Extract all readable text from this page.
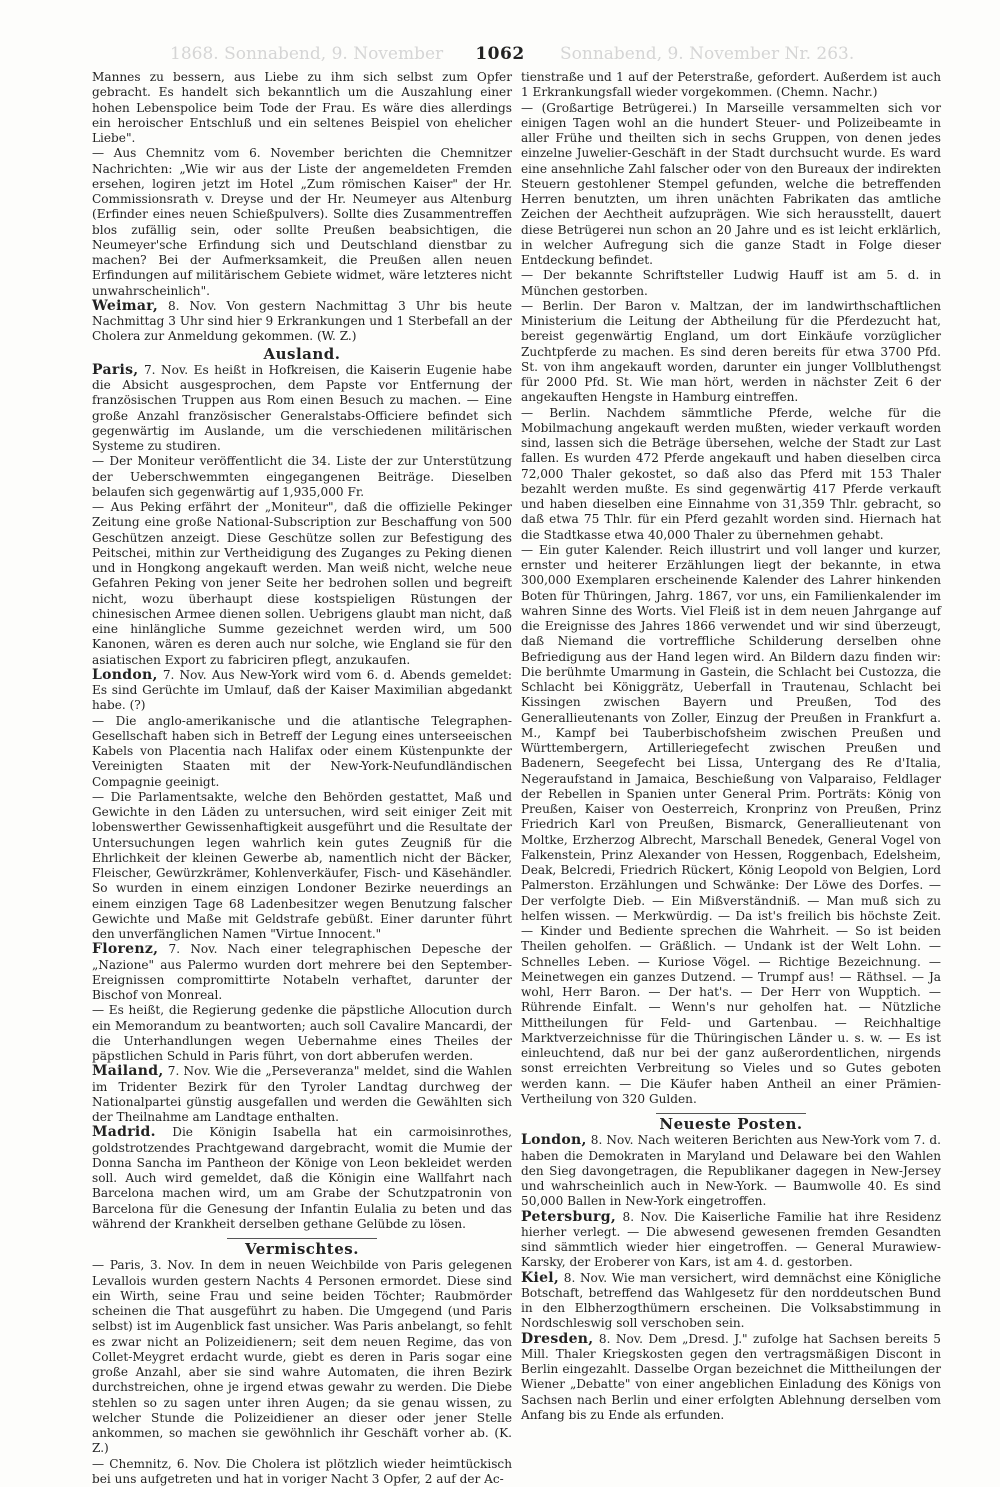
1868. Sonnabend, 9. November	1062	Sonnabend, 9. November Nr. 263.

Mannes zu bessern, aus Liebe zu ihm sich selbst zum Opfer gebracht. Es handelt sich bekanntlich um die Auszahlung einer hohen Lebenspolice beim Tode der Frau. Es wäre dies allerdings ein heroischer Entschluß und ein seltenes Beispiel von ehelicher Liebe".

— Aus Chemnitz vom 6. November berichten die Chemnitzer Nachrichten: „Wie wir aus der Liste der angemeldeten Fremden ersehen, logiren jetzt im Hotel „Zum römischen Kaiser" der Hr. Commissionsrath v. Dreyse und der Hr. Neumeyer aus Altenburg (Erfinder eines neuen Schießpulvers). Sollte dies Zusammentreffen blos zufällig sein, oder sollte Preußen beabsichtigen, die Neumeyer'sche Erfindung sich und Deutschland dienstbar zu machen? Bei der Aufmerksamkeit, die Preußen allen neuen Erfindungen auf militärischem Gebiete widmet, wäre letzteres nicht unwahrscheinlich".

Weimar, 8. Nov. Von gestern Nachmittag 3 Uhr bis heute Nachmittag 3 Uhr sind hier 9 Erkrankungen und 1 Sterbefall an der Cholera zur Anmeldung gekommen. (W. Z.)

Ausland.

Paris, 7. Nov. Es heißt in Hofkreisen, die Kaiserin Eugenie habe die Absicht ausgesprochen, dem Papste vor Entfernung der französischen Truppen aus Rom einen Besuch zu machen. — Eine große Anzahl französischer Generalstabs-Officiere befindet sich gegenwärtig im Auslande, um die verschiedenen militärischen Systeme zu studiren.

— Der Moniteur veröffentlicht die 34. Liste der zur Unterstützung der Ueberschwemmten eingegangenen Beiträge. Dieselben belaufen sich gegenwärtig auf 1,935,000 Fr.

— Aus Peking erfährt der „Moniteur", daß die offizielle Pekinger Zeitung eine große National-Subscription zur Beschaffung von 500 Geschützen anzeigt. Diese Geschütze sollen zur Befestigung des Peitschei, mithin zur Vertheidigung des Zuganges zu Peking dienen und in Hongkong angekauft werden. Man weiß nicht, welche neue Gefahren Peking von jener Seite her bedrohen sollen und begreift nicht, wozu überhaupt diese kostspieligen Rüstungen der chinesischen Armee dienen sollen. Uebrigens glaubt man nicht, daß eine hinlängliche Summe gezeichnet werden wird, um 500 Kanonen, wären es deren auch nur solche, wie England sie für den asiatischen Export zu fabriciren pflegt, anzukaufen.

London, 7. Nov. Aus New-York wird vom 6. d. Abends gemeldet: Es sind Gerüchte im Umlauf, daß der Kaiser Maximilian abgedankt habe. (?)

— Die anglo-amerikanische und die atlantische Telegraphen-Gesellschaft haben sich in Betreff der Legung eines unterseeischen Kabels von Placentia nach Halifax oder einem Küstenpunkte der Vereinigten Staaten mit der New-York-Neufundländischen Compagnie geeinigt.

— Die Parlamentsakte, welche den Behörden gestattet, Maß und Gewichte in den Läden zu untersuchen, wird seit einiger Zeit mit lobenswerther Gewissenhaftigkeit ausgeführt und die Resultate der Untersuchungen legen wahrlich kein gutes Zeugniß für die Ehrlichkeit der kleinen Gewerbe ab, namentlich nicht der Bäcker, Fleischer, Gewürzkrämer, Kohlenverkäufer, Fisch- und Käsehändler. So wurden in einem einzigen Londoner Bezirke neuerdings an einem einzigen Tage 68 Ladenbesitzer wegen Benutzung falscher Gewichte und Maße mit Geldstrafe gebüßt. Einer darunter führt den unverfänglichen Namen "Virtue Innocent."

Florenz, 7. Nov. Nach einer telegraphischen Depesche der „Nazione" aus Palermo wurden dort mehrere bei den September-Ereignissen compromittirte Notabeln verhaftet, darunter der Bischof von Monreal.

— Es heißt, die Regierung gedenke die päpstliche Allocution durch ein Memorandum zu beantworten; auch soll Cavalire Mancardi, der die Unterhandlungen wegen Uebernahme eines Theiles der päpstlichen Schuld in Paris führt, von dort abberufen werden.

Mailand, 7. Nov. Wie die „Perseveranza" meldet, sind die Wahlen im Tridenter Bezirk für den Tyroler Landtag durchweg der Nationalpartei günstig ausgefallen und werden die Gewählten sich der Theilnahme am Landtage enthalten.

Madrid. Die Königin Isabella hat ein carmoisinrothes, goldstrotzendes Prachtgewand dargebracht, womit die Mumie der Donna Sancha im Pantheon der Könige von Leon bekleidet werden soll. Auch wird gemeldet, daß die Königin eine Wallfahrt nach Barcelona machen wird, um am Grabe der Schutzpatronin von Barcelona für die Genesung der Infantin Eulalia zu beten und das während der Krankheit derselben gethane Gelübde zu lösen.

Vermischtes.

— Paris, 3. Nov. In dem in neuen Weichbilde von Paris gelegenen Levallois wurden gestern Nachts 4 Personen ermordet. Diese sind ein Wirth, seine Frau und seine beiden Töchter; Raubmörder scheinen die That ausgeführt zu haben. Die Umgegend (und Paris selbst) ist im Augenblick fast unsicher. Was Paris anbelangt, so fehlt es zwar nicht an Polizeidienern; seit dem neuen Regime, das von Collet-Meygret erdacht wurde, giebt es deren in Paris sogar eine große Anzahl, aber sie sind wahre Automaten, die ihren Bezirk durchstreichen, ohne je irgend etwas gewahr zu werden. Die Diebe stehlen so zu sagen unter ihren Augen; da sie genau wissen, zu welcher Stunde die Polizeidiener an dieser oder jener Stelle ankommen, so machen sie gewöhnlich ihr Geschäft vorher ab. (K. Z.)

— Chemnitz, 6. Nov. Die Cholera ist plötzlich wieder heimtückisch bei uns aufgetreten und hat in voriger Nacht 3 Opfer, 2 auf der Ac-

tienstraße und 1 auf der Peterstraße, gefordert. Außerdem ist auch 1 Erkrankungsfall wieder vorgekommen. (Chemn. Nachr.)

— (Großartige Betrügerei.) In Marseille versammelten sich vor einigen Tagen wohl an die hundert Steuer- und Polizeibeamte in aller Frühe und theilten sich in sechs Gruppen, von denen jedes einzelne Juwelier-Geschäft in der Stadt durchsucht wurde. Es ward eine ansehnliche Zahl falscher oder von den Bureaux der indirekten Steuern gestohlener Stempel gefunden, welche die betreffenden Herren benutzten, um ihren unächten Fabrikaten das amtliche Zeichen der Aechtheit aufzuprägen. Wie sich herausstellt, dauert diese Betrügerei nun schon an 20 Jahre und es ist leicht erklärlich, in welcher Aufregung sich die ganze Stadt in Folge dieser Entdeckung befindet.

— Der bekannte Schriftsteller Ludwig Hauff ist am 5. d. in München gestorben.

— Berlin. Der Baron v. Maltzan, der im landwirthschaftlichen Ministerium die Leitung der Abtheilung für die Pferdezucht hat, bereist gegenwärtig England, um dort Einkäufe vorzüglicher Zuchtpferde zu machen. Es sind deren bereits für etwa 3700 Pfd. St. von ihm angekauft worden, darunter ein junger Vollbluthengst für 2000 Pfd. St. Wie man hört, werden in nächster Zeit 6 der angekauften Hengste in Hamburg eintreffen.

— Berlin. Nachdem sämmtliche Pferde, welche für die Mobilmachung angekauft werden mußten, wieder verkauft worden sind, lassen sich die Beträge übersehen, welche der Stadt zur Last fallen. Es wurden 472 Pferde angekauft und haben dieselben circa 72,000 Thaler gekostet, so daß also das Pferd mit 153 Thaler bezahlt werden mußte. Es sind gegenwärtig 417 Pferde verkauft und haben dieselben eine Einnahme von 31,359 Thlr. gebracht, so daß etwa 75 Thlr. für ein Pferd gezahlt worden sind. Hiernach hat die Stadtkasse etwa 40,000 Thaler zu übernehmen gehabt.

— Ein guter Kalender. Reich illustrirt und voll langer und kurzer, ernster und heiterer Erzählungen liegt der bekannte, in etwa 300,000 Exemplaren erscheinende Kalender des Lahrer hinkenden Boten für Thüringen, Jahrg. 1867, vor uns, ein Familienkalender im wahren Sinne des Worts. Viel Fleiß ist in dem neuen Jahrgange auf die Ereignisse des Jahres 1866 verwendet und wir sind überzeugt, daß Niemand die vortreffliche Schilderung derselben ohne Befriedigung aus der Hand legen wird. An Bildern dazu finden wir: Die berühmte Umarmung in Gastein, die Schlacht bei Custozza, die Schlacht bei Königgrätz, Ueberfall in Trautenau, Schlacht bei Kissingen zwischen Bayern und Preußen, Tod des Generallieutenants von Zoller, Einzug der Preußen in Frankfurt a. M., Kampf bei Tauberbischofsheim zwischen Preußen und Württembergern, Artilleriegefecht zwischen Preußen und Badenern, Seegefecht bei Lissa, Untergang des Re d'Italia, Negeraufstand in Jamaica, Beschießung von Valparaiso, Feldlager der Rebellen in Spanien unter General Prim. Porträts: König von Preußen, Kaiser von Oesterreich, Kronprinz von Preußen, Prinz Friedrich Karl von Preußen, Bismarck, Generallieutenant von Moltke, Erzherzog Albrecht, Marschall Benedek, General Vogel von Falkenstein, Prinz Alexander von Hessen, Roggenbach, Edelsheim, Deak, Belcredi, Friedrich Rückert, König Leopold von Belgien, Lord Palmerston. Erzählungen und Schwänke: Der Löwe des Dorfes. — Der verfolgte Dieb. — Ein Mißverständniß. — Man muß sich zu helfen wissen. — Merkwürdig. — Da ist's freilich bis höchste Zeit. — Kinder und Bediente sprechen die Wahrheit. — So ist beiden Theilen geholfen. — Gräßlich. — Undank ist der Welt Lohn. — Schnelles Leben. — Kuriose Vögel. — Richtige Bezeichnung. — Meinetwegen ein ganzes Dutzend. — Trumpf aus! — Räthsel. — Ja wohl, Herr Baron. — Der hat's. — Der Herr von Wupptich. — Rührende Einfalt. — Wenn's nur geholfen hat. — Nützliche Mittheilungen für Feld- und Gartenbau. — Reichhaltige Marktverzeichnisse für die Thüringischen Länder u. s. w. — Es ist einleuchtend, daß nur bei der ganz außerordentlichen, nirgends sonst erreichten Verbreitung so Vieles und so Gutes geboten werden kann. — Die Käufer haben Antheil an einer Prämien-Vertheilung von 320 Gulden.

Neueste Posten.

London, 8. Nov. Nach weiteren Berichten aus New-York vom 7. d. haben die Demokraten in Maryland und Delaware bei den Wahlen den Sieg davongetragen, die Republikaner dagegen in New-Jersey und wahrscheinlich auch in New-York. — Baumwolle 40. Es sind 50,000 Ballen in New-York eingetroffen.

Petersburg, 8. Nov. Die Kaiserliche Familie hat ihre Residenz hierher verlegt. — Die abwesend gewesenen fremden Gesandten sind sämmtlich wieder hier eingetroffen. — General Murawiew-Karsky, der Eroberer von Kars, ist am 4. d. gestorben.

Kiel, 8. Nov. Wie man versichert, wird demnächst eine Königliche Botschaft, betreffend das Wahlgesetz für den norddeutschen Bund in den Elbherzogthümern erscheinen. Die Volksabstimmung in Nordschleswig soll verschoben sein.

Dresden, 8. Nov. Dem „Dresd. J." zufolge hat Sachsen bereits 5 Mill. Thaler Kriegskosten gegen den vertragsmäßigen Discont in Berlin eingezahlt. Dasselbe Organ bezeichnet die Mittheilungen der Wiener „Debatte" von einer angeblichen Einladung des Königs von Sachsen nach Berlin und einer erfolgten Ablehnung derselben vom Anfang bis zu Ende als erfunden.
